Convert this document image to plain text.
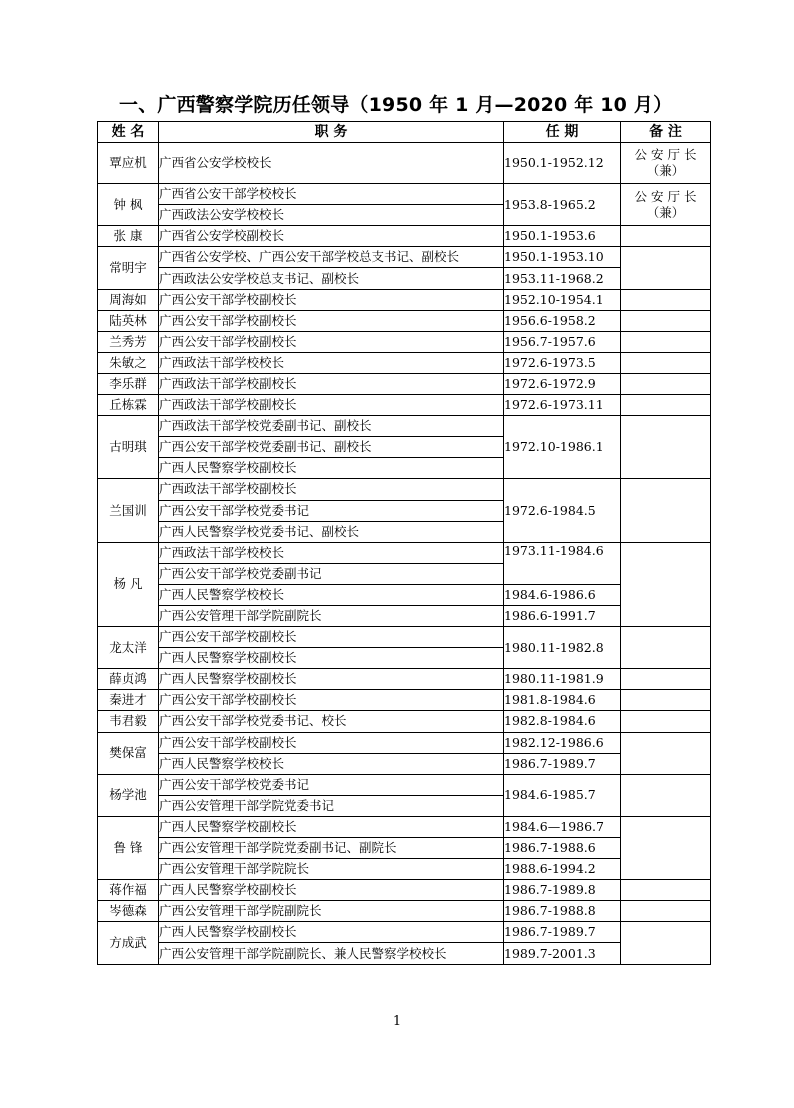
一、广西警察学院历任领导（1950 年 1 月—2020 年 10 月）
姓 名	职 务	任 期	备 注
覃应机	广西省公安学校校长	1950.1-1952.12	公 安 厅 长
（兼）

钟 枫	广西省公安干部学校校长	1953.8-1965.2	公 安 厅 长
（兼）

	广西政法公安学校校长		
张 康	广西省公安学校副校长	1950.1-1953.6	
常明宇	广西省公安学校、广西公安干部学校总支书记、副校长	1950.1-1953.10	
	广西政法公安学校总支书记、副校长	1953.11-1968.2	
周海如	广西公安干部学校副校长	1952.10-1954.1	
陆英林	广西公安干部学校副校长	1956.6-1958.2	
兰秀芳	广西公安干部学校副校长	1956.7-1957.6	
朱敏之	广西政法干部学校校长	1972.6-1973.5	
李乐群	广西政法干部学校副校长	1972.6-1972.9	
丘栋霖	广西政法干部学校副校长	1972.6-1973.11	
古明琪	广西政法干部学校党委副书记、副校长	1972.10-1986.1	
	广西公安干部学校党委副书记、副校长		
	广西人民警察学校副校长		
兰国训	广西政法干部学校副校长	1972.6-1984.5	
	广西公安干部学校党委书记		
	广西人民警察学校党委书记、副校长		
杨 凡	广西政法干部学校校长	1973.11-1984.6	
	广西公安干部学校党委副书记		
	广西人民警察学校校长	1984.6-1986.6	
	广西公安管理干部学院副院长	1986.6-1991.7	
龙太洋	广西公安干部学校副校长	1980.11-1982.8	
	广西人民警察学校副校长		
薛贞鸿	广西人民警察学校副校长	1980.11-1981.9	
秦进才	广西公安干部学校副校长	1981.8-1984.6	
韦君毅	广西公安干部学校党委书记、校长	1982.8-1984.6	
樊保富	广西公安干部学校副校长	1982.12-1986.6	
	广西人民警察学校校长	1986.7-1989.7	
杨学池	广西公安干部学校党委书记	1984.6-1985.7	
	广西公安管理干部学院党委书记		
鲁 锋	广西人民警察学校副校长	1984.6—1986.7	
	广西公安管理干部学院党委副书记、副院长	1986.7-1988.6	
	广西公安管理干部学院院长	1988.6-1994.2	
蒋作福	广西人民警察学校副校长	1986.7-1989.8	
岑德森	广西公安管理干部学院副院长	1986.7-1988.8	
方成武	广西人民警察学校副校长	1986.7-1989.7	
	广西公安管理干部学院副院长、兼人民警察学校校长	1989.7-2001.3	
1
